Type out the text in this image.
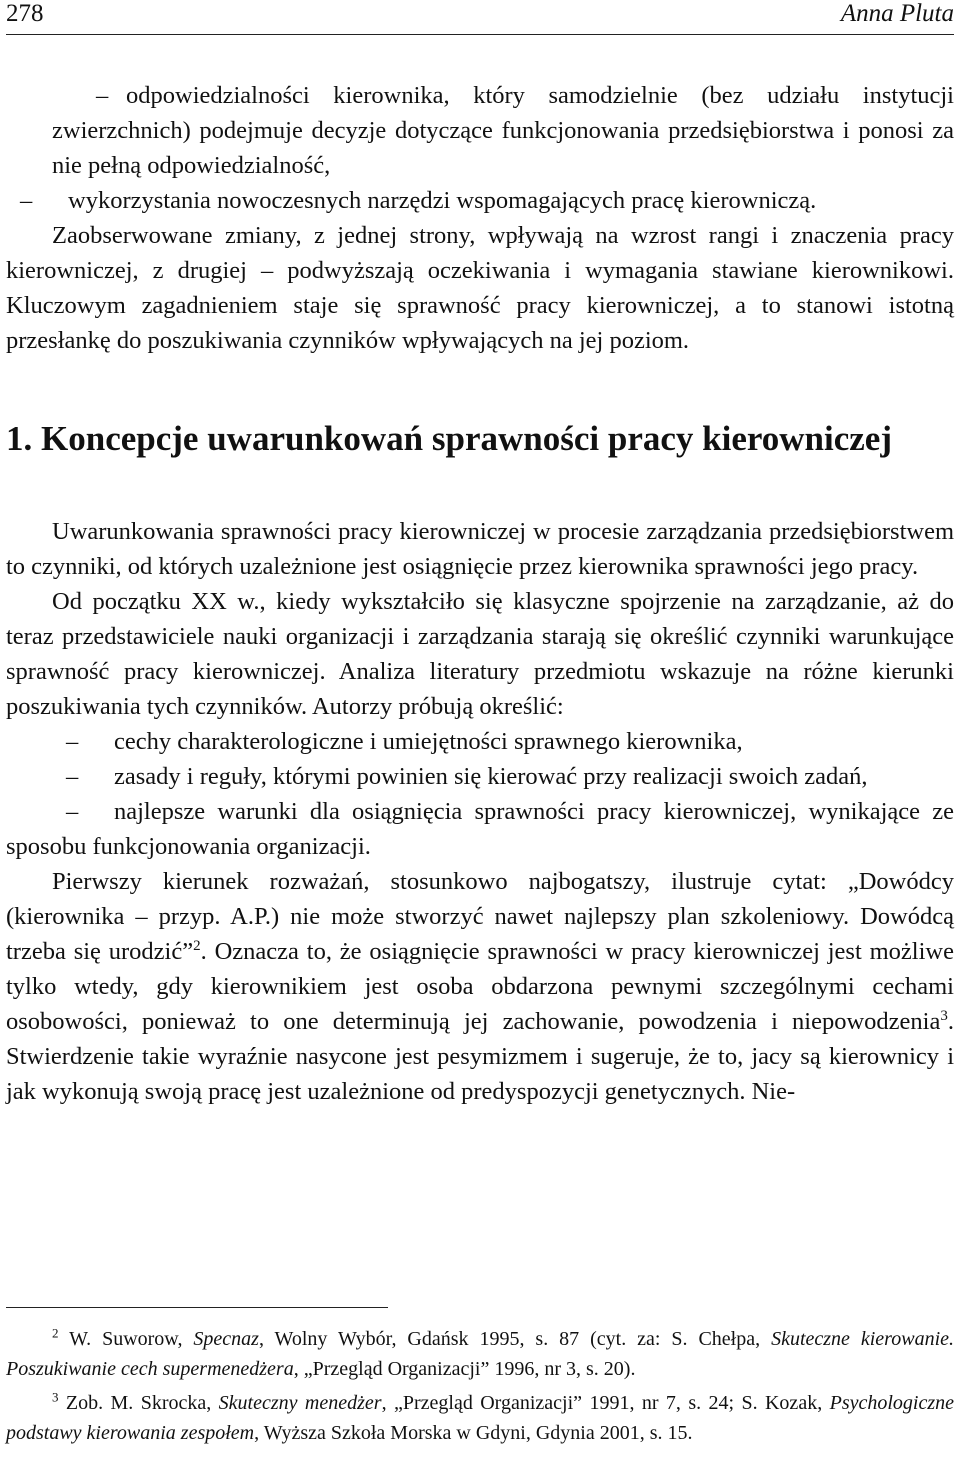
278	Anna Pluta

– odpowiedzialności kierownika, który samodzielnie (bez udziału instytucji zwierzchnich) podejmuje decyzje dotyczące funkcjonowania przedsiębiorstwa i ponosi za nie pełną odpowiedzialność,

– wykorzystania nowoczesnych narzędzi wspomagających pracę kierowniczą.

Zaobserwowane zmiany, z jednej strony, wpływają na wzrost rangi i znaczenia pracy kierowniczej, z drugiej – podwyższają oczekiwania i wymagania stawiane kierownikowi. Kluczowym zagadnieniem staje się sprawność pracy kierowniczej, a to stanowi istotną przesłankę do poszukiwania czynników wpływających na jej poziom.

1. Koncepcje uwarunkowań sprawności pracy kierowniczej

Uwarunkowania sprawności pracy kierowniczej w procesie zarządzania przedsiębiorstwem to czynniki, od których uzależnione jest osiągnięcie przez kierownika sprawności jego pracy.

Od początku XX w., kiedy wykształciło się klasyczne spojrzenie na zarządzanie, aż do teraz przedstawiciele nauki organizacji i zarządzania starają się określić czynniki warunkujące sprawność pracy kierowniczej. Analiza literatury przedmiotu wskazuje na różne kierunki poszukiwania tych czynników. Autorzy próbują określić:

– cechy charakterologiczne i umiejętności sprawnego kierownika,

– zasady i reguły, którymi powinien się kierować przy realizacji swoich zadań,

– najlepsze warunki dla osiągnięcia sprawności pracy kierowniczej, wynikające ze sposobu funkcjonowania organizacji.

Pierwszy kierunek rozważań, stosunkowo najbogatszy, ilustruje cytat: „Dowódcy (kierownika – przyp. A.P.) nie może stworzyć nawet najlepszy plan szkoleniowy. Dowódcą trzeba się urodzić”$^2$. Oznacza to, że osiągnięcie sprawności w pracy kierowniczej jest możliwe tylko wtedy, gdy kierownikiem jest osoba obdarzona pewnymi szczególnymi cechami osobowości, ponieważ to one determinują jej zachowanie, powodzenia i niepowodzenia$^3$. Stwierdzenie takie wyraźnie nasycone jest pesymizmem i sugeruje, że to, jacy są kierownicy i jak wykonują swoją pracę jest uzależnione od predyspozycji genetycznych. Nie-

$^2$ W. Suworow, Specnaz, Wolny Wybór, Gdańsk 1995, s. 87 (cyt. za: S. Chełpa, Skuteczne kierowanie. Poszukiwanie cech supermenedżera, „Przegląd Organizacji” 1996, nr 3, s. 20).

$^3$ Zob. M. Skrocka, Skuteczny menedżer, „Przegląd Organizacji” 1991, nr 7, s. 24; S. Kozak, Psychologiczne podstawy kierowania zespołem, Wyższa Szkoła Morska w Gdyni, Gdynia 2001, s. 15.
